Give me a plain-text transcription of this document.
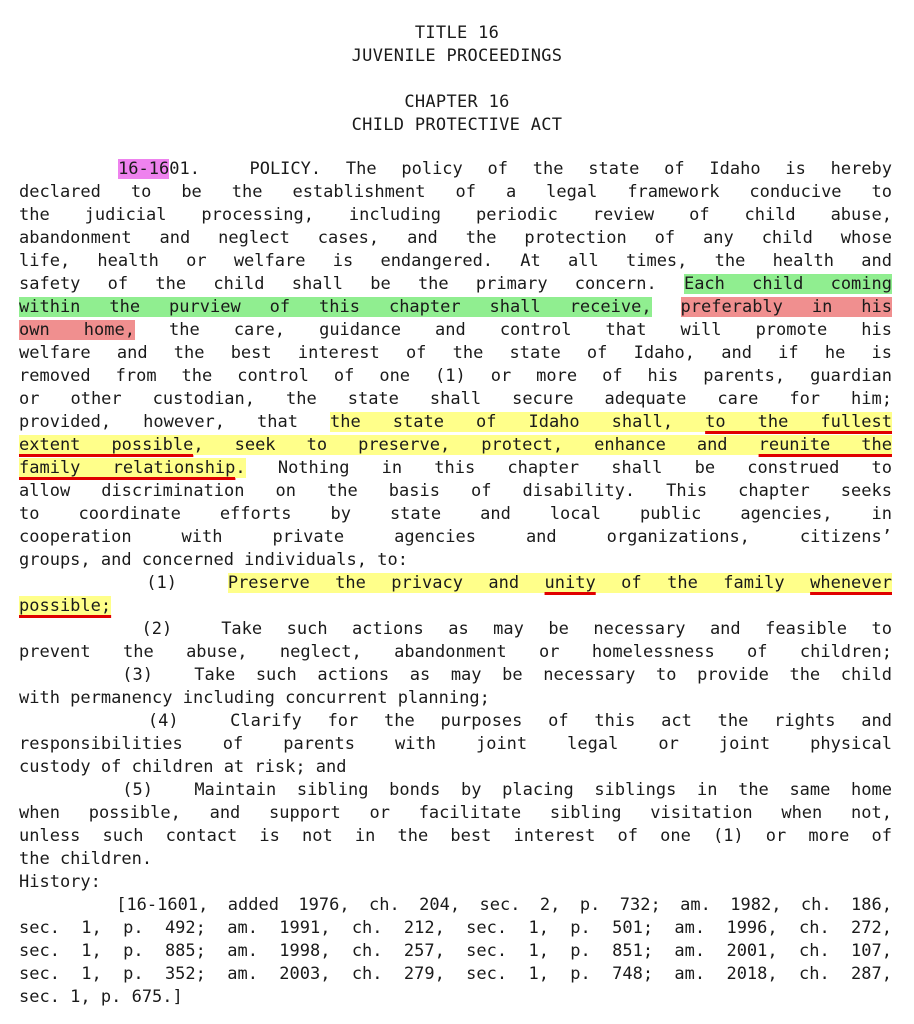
TITLE 16
JUVENILE PROCEEDINGS
CHAPTER 16
CHILD PROTECTIVE ACT
16-1601.  POLICY. The policy of the state of Idaho is hereby
declared to be the establishment of a legal framework conducive to
the judicial processing, including periodic review of child abuse,
abandonment and neglect cases, and the protection of any child whose
life, health or welfare is endangered. At all times, the health and
safety of the child shall be the primary concern. Each child coming
within the purview of this chapter shall receive, preferably in his
own home, the care, guidance and control that will promote his
welfare and the best interest of the state of Idaho, and if he is
removed from the control of one (1) or more of his parents, guardian
or other custodian, the state shall secure adequate care for him;
provided, however, that the state of Idaho shall, to the fullest
extent possible, seek to preserve, protect, enhance and reunite the
family relationship. Nothing in this chapter shall be construed to
allow discrimination on the basis of disability. This chapter seeks
to coordinate efforts by state and local public agencies, in
cooperation with private agencies and organizations, citizens’
groups, and concerned individuals, to:
(1)  Preserve the privacy and unity of the family whenever
possible;
(2)  Take such actions as may be necessary and feasible to
prevent the abuse, neglect, abandonment or homelessness of children;
(3)  Take such actions as may be necessary to provide the child
with permanency including concurrent planning;
(4)  Clarify for the purposes of this act the rights and
responsibilities of parents with joint legal or joint physical
custody of children at risk; and
(5)  Maintain sibling bonds by placing siblings in the same home
when possible, and support or facilitate sibling visitation when not,
unless such contact is not in the best interest of one (1) or more of
the children.
History:
[16-1601, added 1976, ch. 204, sec. 2, p. 732; am. 1982, ch. 186,
sec. 1, p. 492; am. 1991, ch. 212, sec. 1, p. 501; am. 1996, ch. 272,
sec. 1, p. 885; am. 1998, ch. 257, sec. 1, p. 851; am. 2001, ch. 107,
sec. 1, p. 352; am. 2003, ch. 279, sec. 1, p. 748; am. 2018, ch. 287,
sec. 1, p. 675.]
